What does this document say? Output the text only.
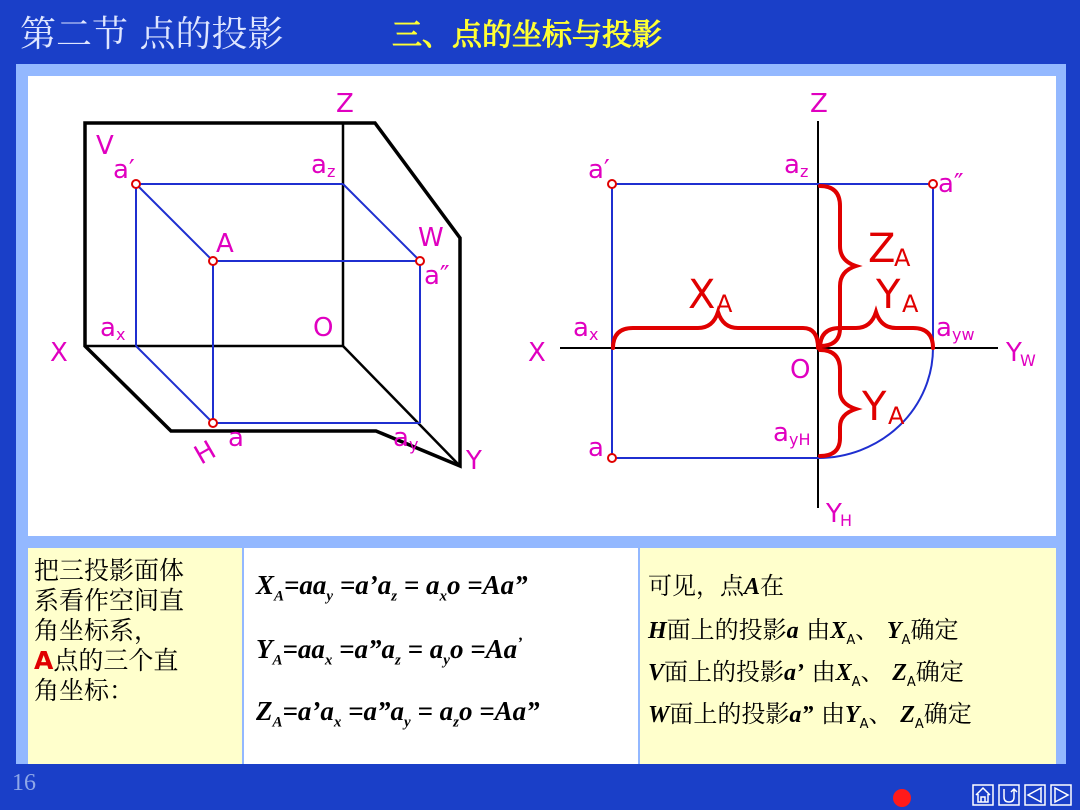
第二节 点的投影	三、点的坐标与投影
Z
V
a′	a z
A	W
a″
a x	O
X
H a	a y
Y
Z
a′	a z	a″
a x	a yw
X
O
Y
W
a yH
a
Y
H
Z
A
Y A
X A
Y A
把三投影面体
系看作空间直
角坐标系，
A点的三个直
角坐标：
$X_A=aa_y$ $=a’a_z = a_xo =Aa$”
$Y_A=aa_x$ $=a”a_z = a_yo =Aa^’$
$Z_A=a’a_x$ $=a”a_y = a_zo =Aa$”
可见，点A在
H面上的投影a 由$X_A$、 $Y_A$确定
V面上的投影a’ 由$X_A$、 $Z_A$确定
W面上的投影a” 由$Y_A$、 $Z_A$确定
16
